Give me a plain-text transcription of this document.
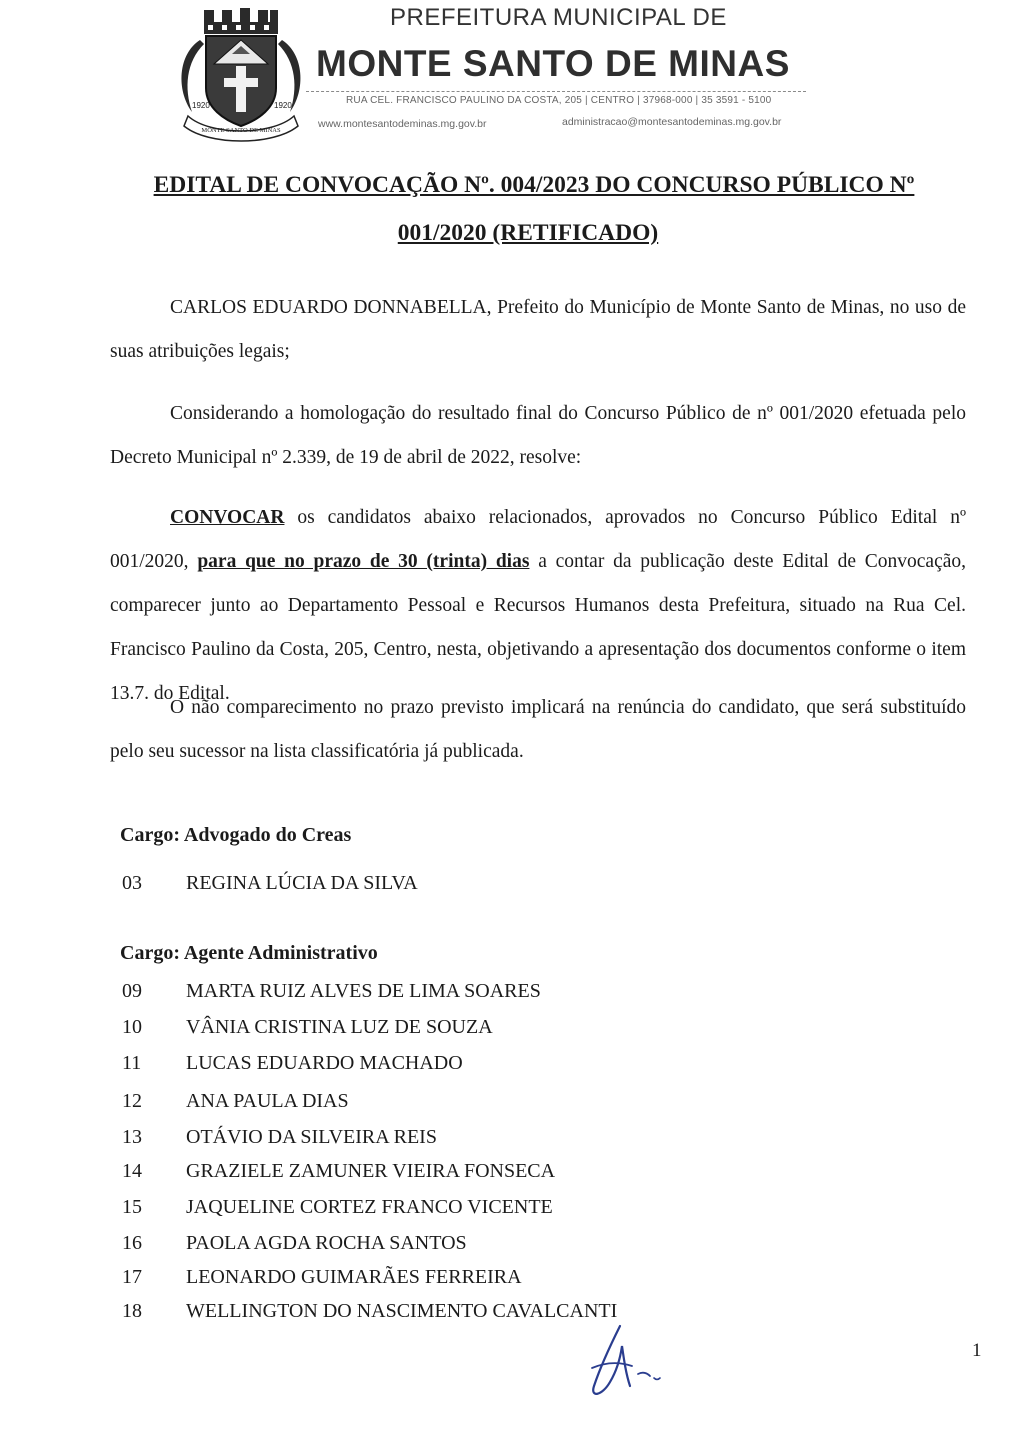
1920	1920
MONTE SANTO DE MINAS
PREFEITURA MUNICIPAL DE
MONTE SANTO DE MINAS
RUA CEL. FRANCISCO PAULINO DA COSTA, 205 | CENTRO | 37968-000 | 35 3591 - 5100
www.montesantodeminas.mg.gov.br	administracao@montesantodeminas.mg.gov.br
EDITAL DE CONVOCAÇÃO Nº. 004/2023 DO CONCURSO PÚBLICO Nº
001/2020 (RETIFICADO)
CARLOS EDUARDO DONNABELLA, Prefeito do Município de Monte Santo de Minas, no uso de suas atribuições legais;
Considerando a homologação do resultado final do Concurso Público de nº 001/2020 efetuada pelo Decreto Municipal nº 2.339, de 19 de abril de 2022, resolve:
CONVOCAR os candidatos abaixo relacionados, aprovados no Concurso Público Edital nº 001/2020, para que no prazo de 30 (trinta) dias a contar da publicação deste Edital de Convocação, comparecer junto ao Departamento Pessoal e Recursos Humanos desta Prefeitura, situado na Rua Cel. Francisco Paulino da Costa, 205, Centro, nesta, objetivando a apresentação dos documentos conforme o item 13.7. do Edital.
O não comparecimento no prazo previsto implicará na renúncia do candidato, que será substituído pelo seu sucessor na lista classificatória já publicada.
Cargo: Advogado do Creas
03 REGINA LÚCIA DA SILVA
Cargo: Agente Administrativo
09 MARTA RUIZ ALVES DE LIMA SOARES
10 VÂNIA CRISTINA LUZ DE SOUZA
11 LUCAS EDUARDO MACHADO
12 ANA PAULA DIAS
13 OTÁVIO DA SILVEIRA REIS
14 GRAZIELE ZAMUNER VIEIRA FONSECA
15 JAQUELINE CORTEZ FRANCO VICENTE
16 PAOLA AGDA ROCHA SANTOS
17 LEONARDO GUIMARÃES FERREIRA
18 WELLINGTON DO NASCIMENTO CAVALCANTI
1
